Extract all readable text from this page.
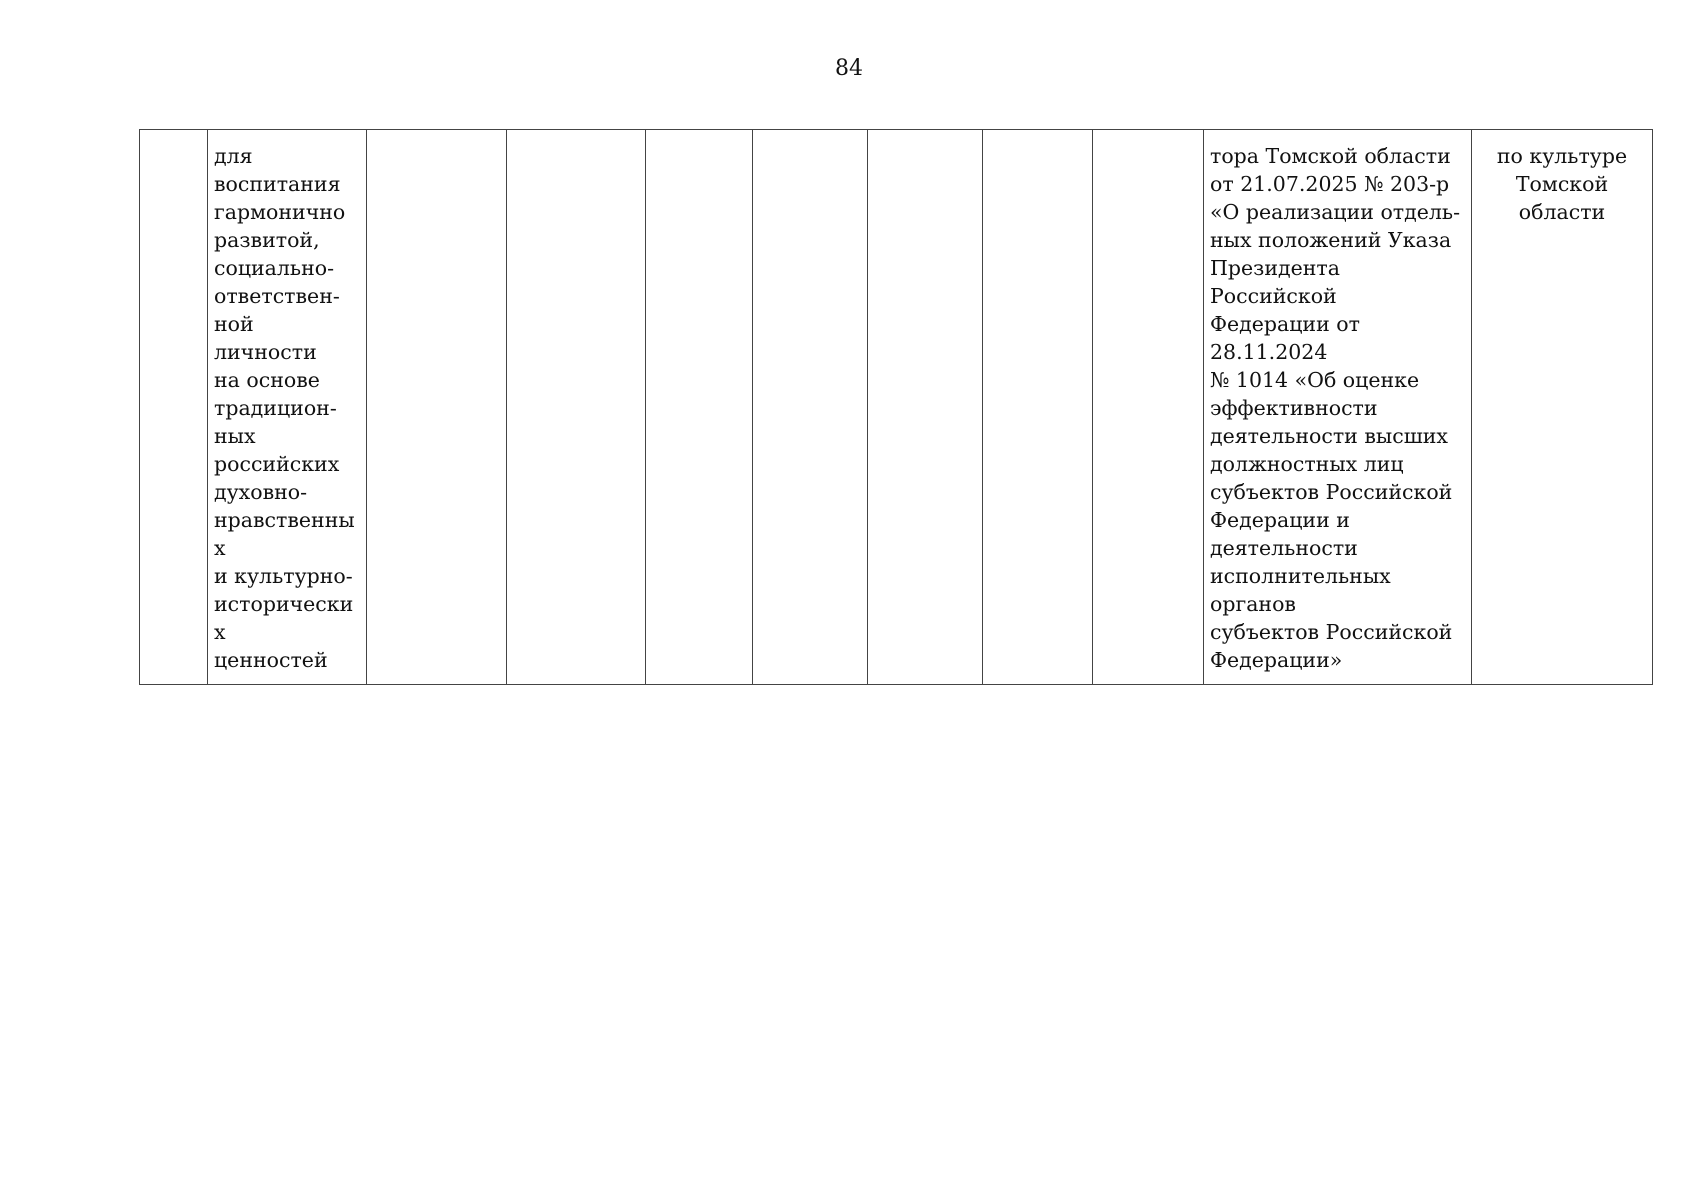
84
	для
воспитания
гармонично
развитой,
социально-
ответствен-
ной личности
на основе
традицион-
ных
российских
духовно-
нравственных
и культурно-
исторических
ценностей								тора Томской области
от 21.07.2025 № 203-р
«О реализации отдель-
ных положений Указа
Президента Российской
Федерации от 28.11.2024
№ 1014 «Об оценке
эффективности
деятельности высших
должностных лиц
субъектов Российской
Федерации и
деятельности
исполнительных органов
субъектов Российской
Федерации»	по культуре
Томской
области
